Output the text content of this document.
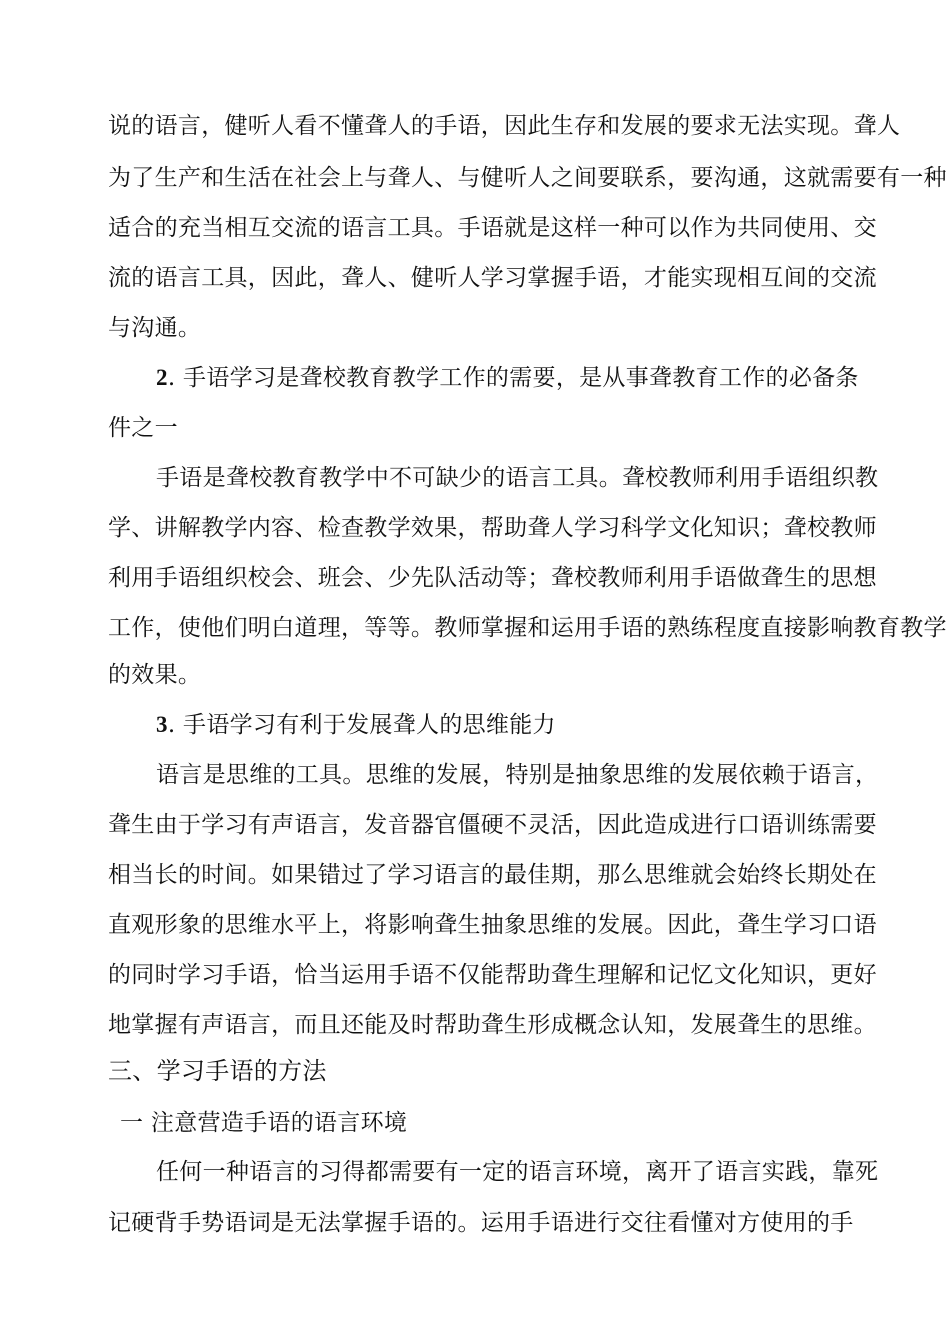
说的语言，健听人看不懂聋人的手语，因此生存和发展的要求无法实现。聋人
为了生产和生活在社会上与聋人、与健听人之间要联系，要沟通，这就需要有一种
适合的充当相互交流的语言工具。手语就是这样一种可以作为共同使用、交
流的语言工具，因此，聋人、健听人学习掌握手语，才能实现相互间的交流
与沟通。
2. 手语学习是聋校教育教学工作的需要，是从事聋教育工作的必备条
件之一
手语是聋校教育教学中不可缺少的语言工具。聋校教师利用手语组织教
学、讲解教学内容、检查教学效果，帮助聋人学习科学文化知识；聋校教师
利用手语组织校会、班会、少先队活动等；聋校教师利用手语做聋生的思想
工作，使他们明白道理，等等。教师掌握和运用手语的熟练程度直接影响教育教学
的效果。
3. 手语学习有利于发展聋人的思维能力
语言是思维的工具。思维的发展，特别是抽象思维的发展依赖于语言，
聋生由于学习有声语言，发音器官僵硬不灵活，因此造成进行口语训练需要
相当长的时间。如果错过了学习语言的最佳期，那么思维就会始终长期处在
直观形象的思维水平上，将影响聋生抽象思维的发展。因此，聋生学习口语
的同时学习手语，恰当运用手语不仅能帮助聋生理解和记忆文化知识，更好
地掌握有声语言，而且还能及时帮助聋生形成概念认知，发展聋生的思维。
三、学习手语的方法
一 注意营造手语的语言环境
任何一种语言的习得都需要有一定的语言环境，离开了语言实践，靠死
记硬背手势语词是无法掌握手语的。运用手语进行交往看懂对方使用的手
